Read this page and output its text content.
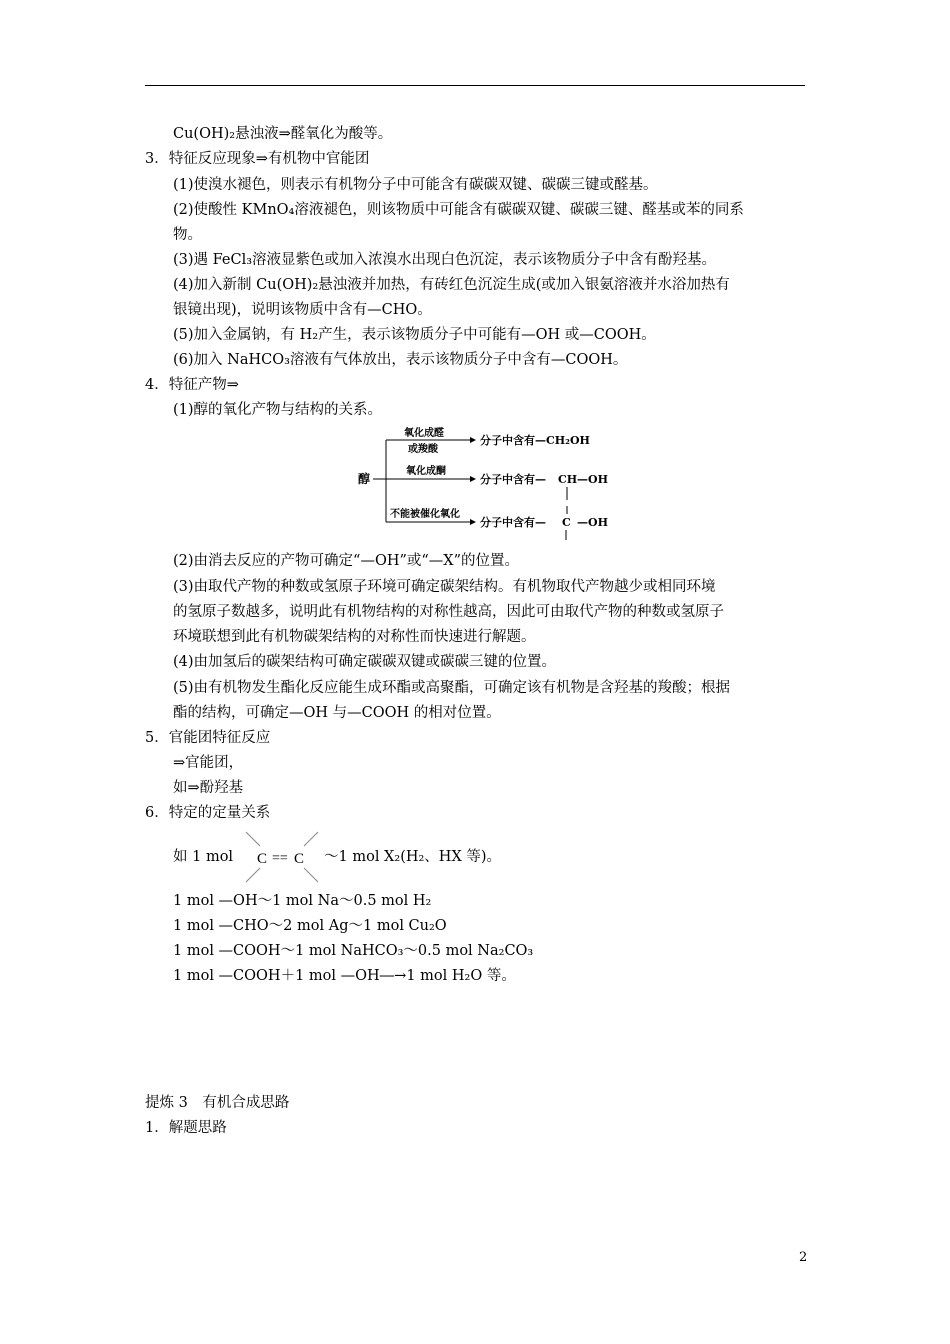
Cu(OH)₂悬浊液⇒醛氧化为酸等。
3．特征反应现象⇒有机物中官能团
(1)使溴水褪色，则表示有机物分子中可能含有碳碳双键、碳碳三键或醛基。
(2)使酸性 KMnO₄溶液褪色，则该物质中可能含有碳碳双键、碳碳三键、醛基或苯的同系
物。
(3)遇 FeCl₃溶液显紫色或加入浓溴水出现白色沉淀，表示该物质分子中含有酚羟基。
(4)加入新制 Cu(OH)₂悬浊液并加热，有砖红色沉淀生成(或加入银氨溶液并水浴加热有
银镜出现)，说明该物质中含有—CHO。
(5)加入金属钠，有 H₂产生，表示该物质分子中可能有—OH 或—COOH。
(6)加入 NaHCO₃溶液有气体放出，表示该物质分子中含有—COOH。
4．特征产物⇒
(1)醇的氧化产物与结构的关系。
醇
氧化成醛
或羧酸
氧化成酮
不能被催化氧化
分子中含有—CH₂OH
分子中含有— CH —OH
分子中含有— C —OH
(2)由消去反应的产物可确定“—OH”或“—X”的位置。
(3)由取代产物的种数或氢原子环境可确定碳架结构。有机物取代产物越少或相同环境
的氢原子数越多，说明此有机物结构的对称性越高，因此可由取代产物的种数或氢原子
环境联想到此有机物碳架结构的对称性而快速进行解题。
(4)由加氢后的碳架结构可确定碳碳双键或碳碳三键的位置。
(5)由有机物发生酯化反应能生成环酯或高聚酯，可确定该有机物是含羟基的羧酸；根据
酯的结构，可确定—OH 与—COOH 的相对位置。
5．官能团特征反应
⇒官能团，
如⇒酚羟基
6．特定的定量关系
如 1 mol C == C ～1 mol X₂(H₂、HX 等)。
1 mol —OH～1 mol Na～0.5 mol H₂
1 mol —CHO～2 mol Ag～1 mol Cu₂O
1 mol —COOH～1 mol NaHCO₃～0.5 mol Na₂CO₃
1 mol —COOH＋1 mol —OH―→1 mol H₂O 等。
提炼 3　有机合成思路
1．解题思路
2
